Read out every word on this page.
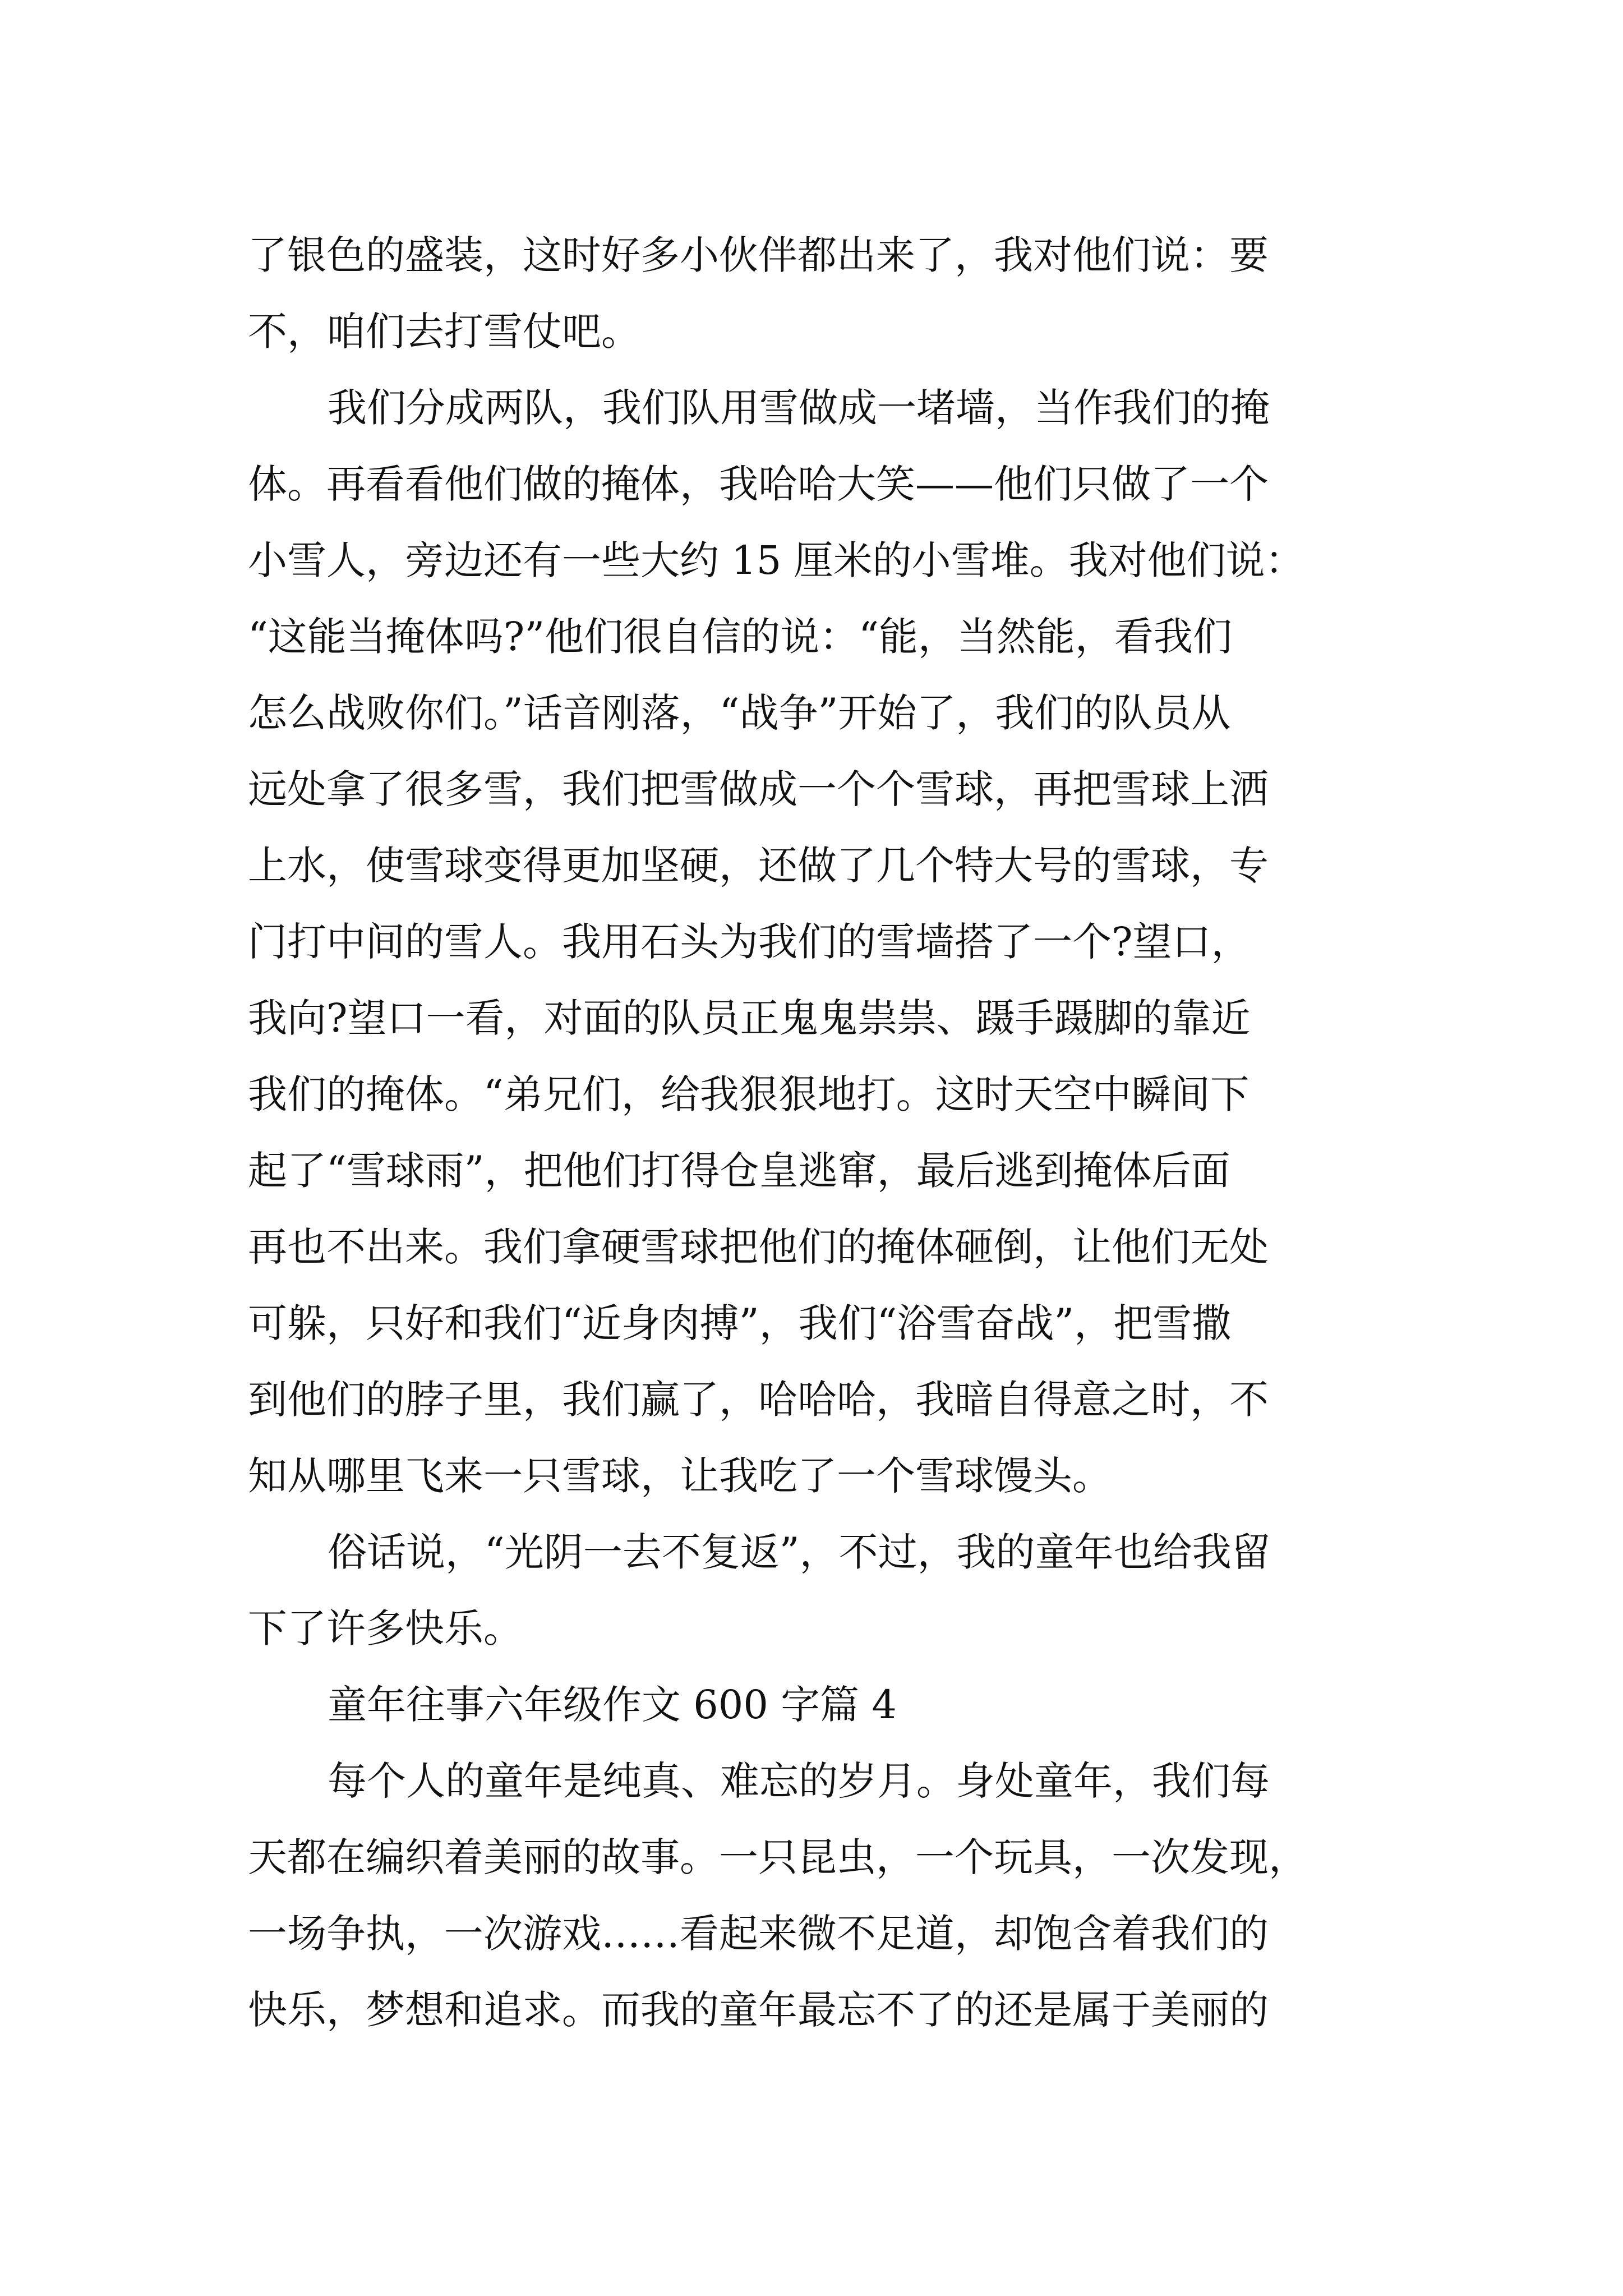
了银色的盛装，这时好多小伙伴都出来了，我对他们说：要
不，咱们去打雪仗吧。
我们分成两队，我们队用雪做成一堵墙，当作我们的掩
体。再看看他们做的掩体，我哈哈大笑——他们只做了一个
小雪人，旁边还有一些大约 15 厘米的小雪堆。我对他们说：
“这能当掩体吗?”他们很自信的说：“能，当然能，看我们
怎么战败你们。”话音刚落，“战争”开始了，我们的队员从
远处拿了很多雪，我们把雪做成一个个雪球，再把雪球上洒
上水，使雪球变得更加坚硬，还做了几个特大号的雪球，专
门打中间的雪人。我用石头为我们的雪墙搭了一个?望口，
我向?望口一看，对面的队员正鬼鬼祟祟、蹑手蹑脚的靠近
我们的掩体。“弟兄们，给我狠狠地打。这时天空中瞬间下
起了“雪球雨”，把他们打得仓皇逃窜，最后逃到掩体后面
再也不出来。我们拿硬雪球把他们的掩体砸倒，让他们无处
可躲，只好和我们“近身肉搏”，我们“浴雪奋战”，把雪撒
到他们的脖子里，我们赢了，哈哈哈，我暗自得意之时，不
知从哪里飞来一只雪球，让我吃了一个雪球馒头。
俗话说，“光阴一去不复返”，不过，我的童年也给我留
下了许多快乐。
童年往事六年级作文 600 字篇 4
每个人的童年是纯真、难忘的岁月。身处童年，我们每
天都在编织着美丽的故事。一只昆虫，一个玩具，一次发现，
一场争执，一次游戏……看起来微不足道，却饱含着我们的
快乐，梦想和追求。而我的童年最忘不了的还是属于美丽的
